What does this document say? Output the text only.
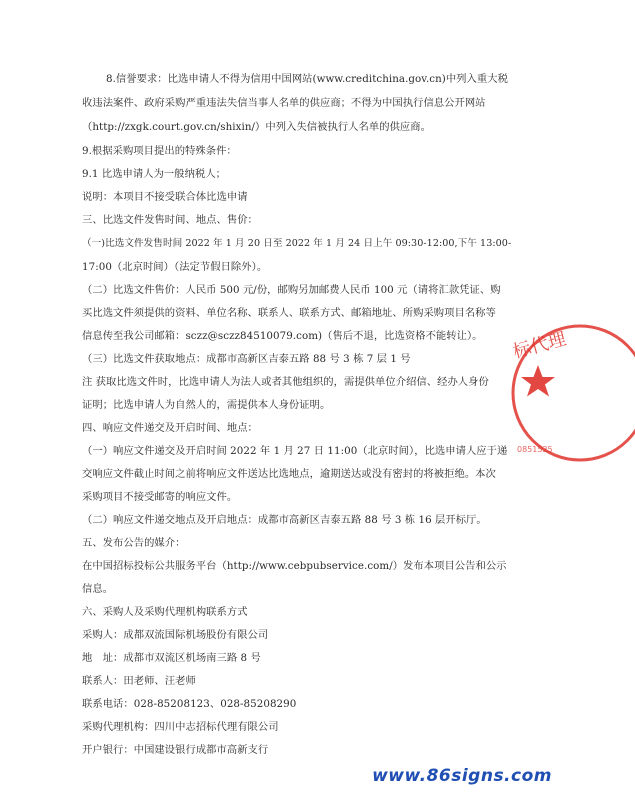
8.信誉要求：比选申请人不得为信用中国网站(www.creditchina.gov.cn)中列入重大税
收违法案件、政府采购严重违法失信当事人名单的供应商；不得为中国执行信息公开网站
（http://zxgk.court.gov.cn/shixin/）中列入失信被执行人名单的供应商。
9.根据采购项目提出的特殊条件：
9.1 比选申请人为一般纳税人；
说明：本项目不接受联合体比选申请
三、比选文件发售时间、地点、售价：
（一)比选文件发售时间 2022 年 1 月 20 日至 2022 年 1 月 24 日上午 09:30-12:00,下午 13:00-
17:00（北京时间）（法定节假日除外）。
（二）比选文件售价：人民币 500 元/份，邮购另加邮费人民币 100 元（请将汇款凭证、购
买比选文件须提供的资料、单位名称、联系人、联系方式、邮箱地址、所购采购项目名称等
信息传至我公司邮箱：sczz@sczz84510079.com)（售后不退，比选资格不能转让）。
（三）比选文件获取地点：成都市高新区吉泰五路 88 号 3 栋 7 层 1 号
注 获取比选文件时，比选申请人为法人或者其他组织的，需提供单位介绍信、经办人身份
证明；比选申请人为自然人的，需提供本人身份证明。
四、响应文件递交及开启时间、地点：
（一）响应文件递交及开启时间 2022 年 1 月 27 日 11:00（北京时间），比选申请人应于递
交响应文件截止时间之前将响应文件送达比选地点，逾期送达或没有密封的将被拒绝。本次
采购项目不接受邮寄的响应文件。
（二）响应文件递交地点及开启地点：成都市高新区吉泰五路 88 号 3 栋 16 层开标厅。
五、发布公告的媒介：
在中国招标投标公共服务平台（http://www.cebpubservice.com/）发布本项目公告和公示
信息。
六、采购人及采购代理机构联系方式
采购人：成都双流国际机场股份有限公司
地　址：成都市双流区机场南三路 8 号
联系人：田老师、汪老师
联系电话：028-85208123、028-85208290
采购代理机构：四川中志招标代理有限公司
开户银行：中国建设银行成都市高新支行
标代理
0851525
www.86signs.com
